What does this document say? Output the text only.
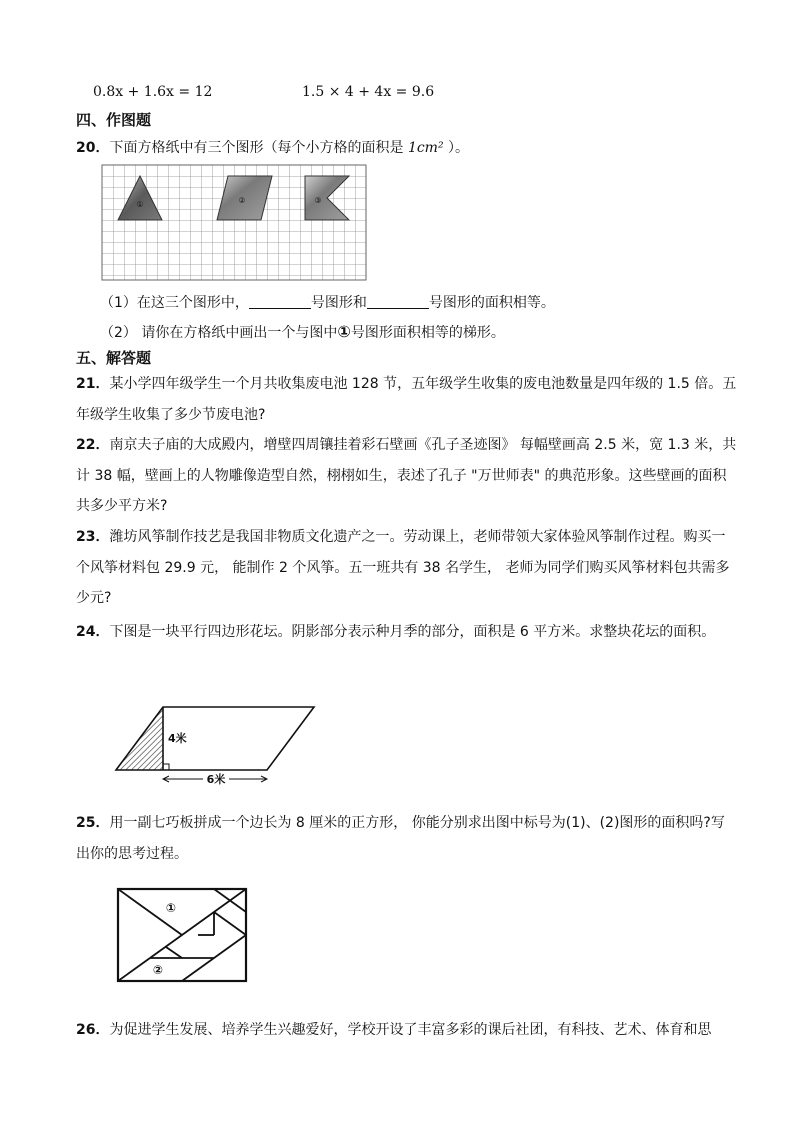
0.8x + 1.6x = 12	1.5 × 4 + 4x = 9.6
四、作图题
20．下面方格纸中有三个图形（每个小方格的面积是 1cm² ）。
①	②	③
（1）在这三个图形中，	号图形和	号图形的面积相等。
（2） 请你在方格纸中画出一个与图中①号图形面积相等的梯形。
五、解答题
21．某小学四年级学生一个月共收集废电池 128 节，五年级学生收集的废电池数量是四年级的 1.5 倍。五年级学生收集了多少节废电池?
22．南京夫子庙的大成殿内，增壁四周镶挂着彩石壁画《孔子圣迹图》 每幅壁画高 2.5 米，宽 1.3 米，共计 38 幅，壁画上的人物雕像造型自然，栩栩如生，表述了孔子 "万世师表" 的典范形象。这些壁画的面积共多少平方米?
23．潍坊风筝制作技艺是我国非物质文化遗产之一。劳动课上，老师带领大家体验风筝制作过程。购买一个风筝材料包 29.9 元， 能制作 2 个风筝。五一班共有 38 名学生， 老师为同学们购买风筝材料包共需多少元?
24．下图是一块平行四边形花坛。阴影部分表示种月季的部分，面积是 6 平方米。求整块花坛的面积。
4米
6米
25．用一副七巧板拼成一个边长为 8 厘米的正方形， 你能分别求出图中标号为(1)、(2)图形的面积吗?写出你的思考过程。
①
②
26．为促进学生发展、培养学生兴趣爱好，学校开设了丰富多彩的课后社团，有科技、艺术、体育和思
